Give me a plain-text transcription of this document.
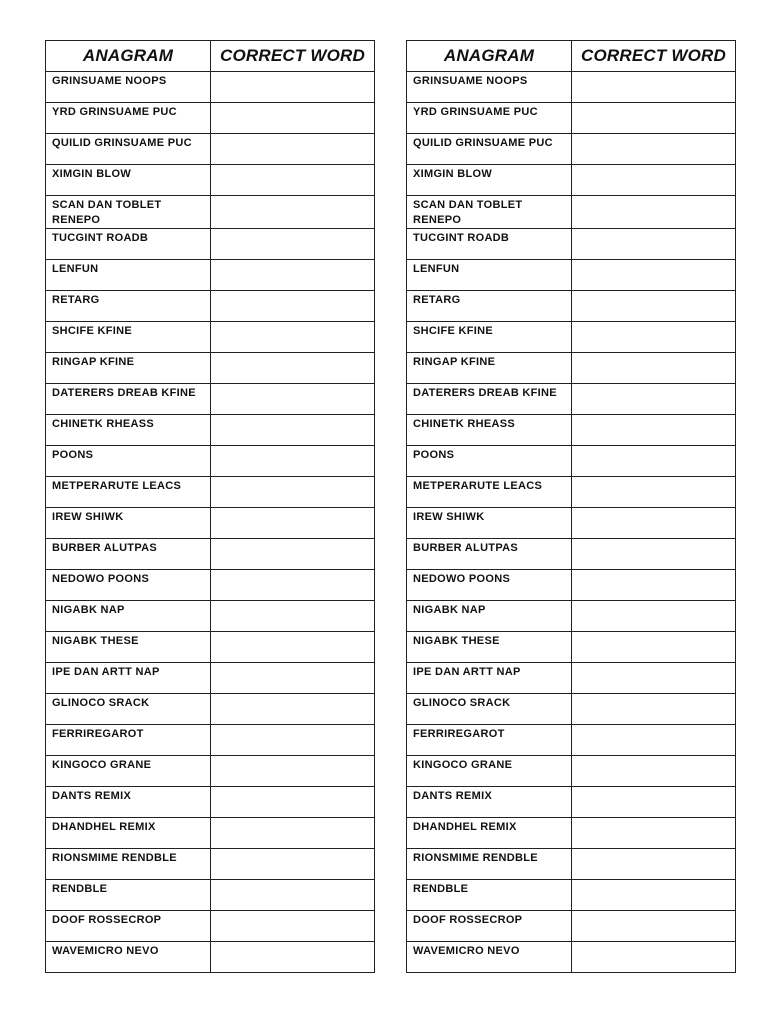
ANAGRAM	CORRECT WORD
GRINSUAME NOOPS	
YRD GRINSUAME PUC	
QUILID GRINSUAME PUC	
XIMGIN BLOW	
SCAN DAN TOBLET RENEPO	
TUCGINT ROADB	
LENFUN	
RETARG	
SHCIFE KFINE	
RINGAP KFINE	
DATERERS DREAB KFINE	
CHINETK RHEASS	
POONS	
METPERARUTE LEACS	
IREW SHIWK	
BURBER ALUTPAS	
NEDOWO POONS	
NIGABK NAP	
NIGABK THESE	
IPE DAN ARTT NAP	
GLINOCO SRACK	
FERRIREGAROT	
KINGOCO GRANE	
DANTS REMIX	
DHANDHEL REMIX	
RIONSMIME RENDBLE	
RENDBLE	
DOOF ROSSECROP	
WAVEMICRO NEVO	
ANAGRAM	CORRECT WORD
GRINSUAME NOOPS	
YRD GRINSUAME PUC	
QUILID GRINSUAME PUC	
XIMGIN BLOW	
SCAN DAN TOBLET RENEPO	
TUCGINT ROADB	
LENFUN	
RETARG	
SHCIFE KFINE	
RINGAP KFINE	
DATERERS DREAB KFINE	
CHINETK RHEASS	
POONS	
METPERARUTE LEACS	
IREW SHIWK	
BURBER ALUTPAS	
NEDOWO POONS	
NIGABK NAP	
NIGABK THESE	
IPE DAN ARTT NAP	
GLINOCO SRACK	
FERRIREGAROT	
KINGOCO GRANE	
DANTS REMIX	
DHANDHEL REMIX	
RIONSMIME RENDBLE	
RENDBLE	
DOOF ROSSECROP	
WAVEMICRO NEVO	
